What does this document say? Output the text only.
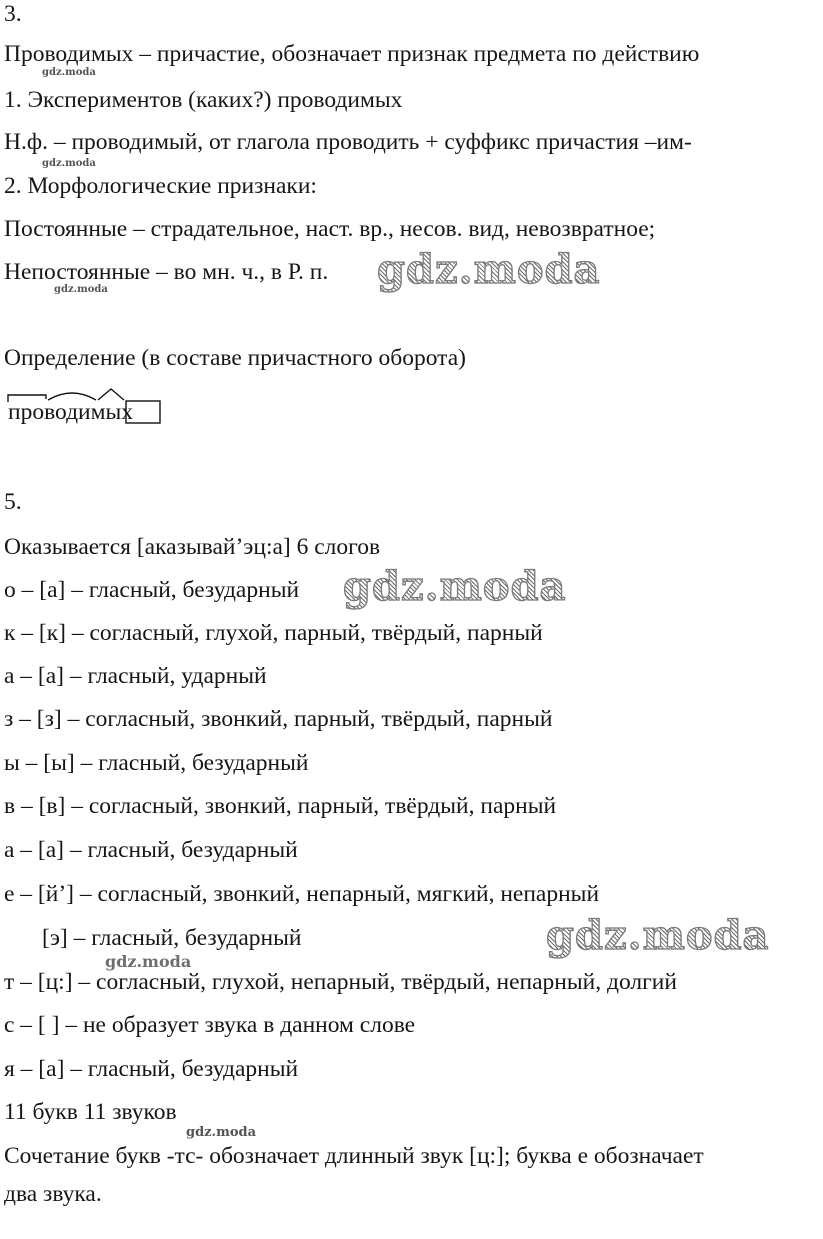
3.
Проводимых – причастие, обозначает признак предмета по действию
gdz.moda
1. Экспериментов (каких?) проводимых
Н.ф. – проводимый, от глагола проводить + суффикс причастия –им-
gdz.moda
2. Морфологические признаки:
Постоянные – страдательное, наст. вр., несов. вид, невозвратное;
Непостоянные – во мн. ч., в Р. п. gdz.moda
gdz.moda
Определение (в составе причастного оборота)
проводимых
5.
Оказывается [аказывай’эц:а] 6 слогов
о – [а] – гласный, безударный gdz.moda
к – [к] – согласный, глухой, парный, твёрдый, парный
а – [а] – гласный, ударный
з – [з] – согласный, звонкий, парный, твёрдый, парный
ы – [ы] – гласный, безударный
в – [в] – согласный, звонкий, парный, твёрдый, парный
а – [а] – гласный, безударный
е – [й’] – согласный, звонкий, непарный, мягкий, непарный
[э] – гласный, безударный	gdz.moda
gdz.moda
т – [ц:] – согласный, глухой, непарный, твёрдый, непарный, долгий
с – [ ] – не образует звука в данном слове
я – [а] – гласный, безударный
11 букв 11 звуков
gdz.moda
Сочетание букв -тс- обозначает длинный звук [ц:]; буква е обозначает
два звука.
